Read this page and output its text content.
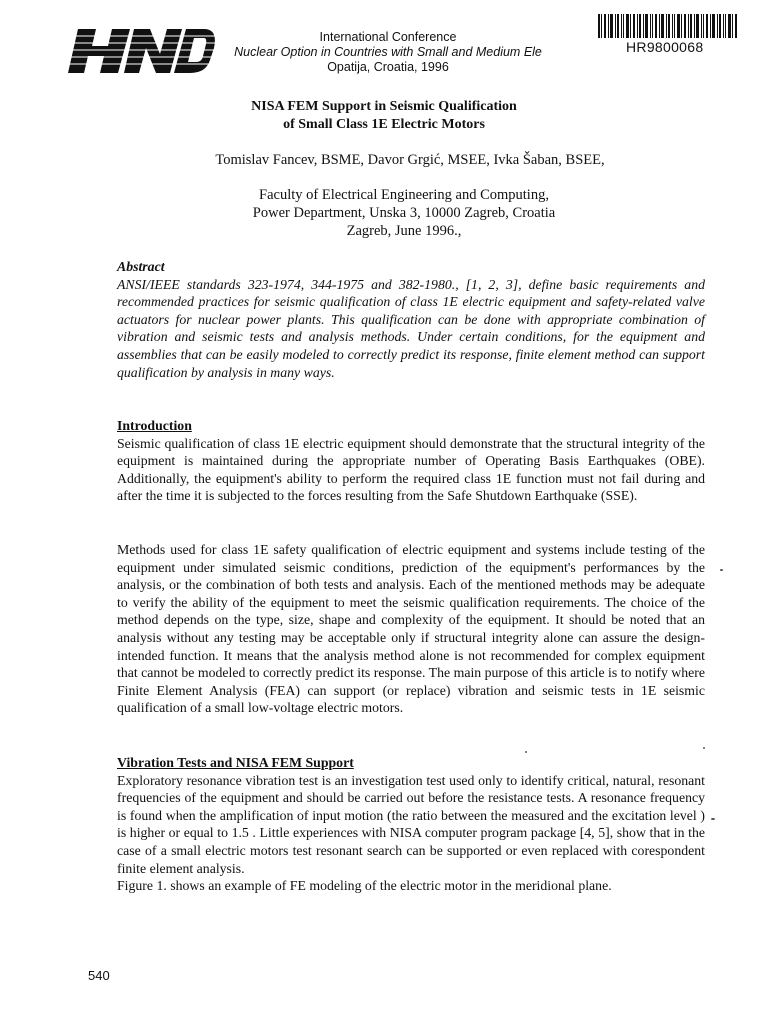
International Conference
Nuclear Option in Countries with Small and Medium Ele
Opatija, Croatia, 1996
HR9800068
NISA FEM Support in Seismic Qualification
of Small Class 1E Electric Motors
Tomislav Fancev, BSME, Davor Grgić, MSEE, Ivka Šaban, BSEE,
Faculty of Electrical Engineering and Computing,
Power Department, Unska 3, 10000 Zagreb, Croatia
Zagreb, June 1996.,
Abstract

ANSI/IEEE standards 323-1974, 344-1975 and 382-1980., [1, 2, 3], define basic requirements and recommended practices for seismic qualification of class 1E electric equipment and safety-related valve actuators for nuclear power plants. This qualification can be done with appropriate combination of vibration and seismic tests and analysis methods. Under certain conditions, for the equipment and assemblies that can be easily modeled to correctly predict its response, finite element method can support qualification by analysis in many ways.

Introduction

Seismic qualification of class 1E electric equipment should demonstrate that the structural integrity of the equipment is maintained during the appropriate number of Operating Basis Earthquakes (OBE). Additionally, the equipment's ability to perform the required class 1E function must not fail during and after the time it is subjected to the forces resulting from the Safe Shutdown Earthquake (SSE).

Methods used for class 1E safety qualification of electric equipment and systems include testing of the equipment under simulated seismic conditions, prediction of the equipment's performances by the analysis, or the combination of both tests and analysis. Each of the mentioned methods may be adequate to verify the ability of the equipment to meet the seismic qualification requirements. The choice of the method depends on the type, size, shape and complexity of the equipment. It should be noted that an analysis without any testing may be acceptable only if structural integrity alone can assure the design-intended function. It means that the analysis method alone is not recommended for complex equipment that cannot be modeled to correctly predict its response. The main purpose of this article is to notify where Finite Element Analysis (FEA) can support (or replace) vibration and seismic tests in 1E seismic qualification of a small low-voltage electric motors.

Vibration Tests and NISA FEM Support

Exploratory resonance vibration test is an investigation test used only to identify critical, natural, resonant frequencies of the equipment and should be carried out before the resistance tests. A resonance frequency is found when the amplification of input motion (the ratio between the measured and the excitation level ) is higher or equal to 1.5 . Little experiences with NISA computer program package [4, 5], show that in the case of a small electric motors test resonant search can be supported or even replaced with corespondent finite element analysis.

Figure 1. shows an example of FE modeling of the electric motor in the meridional plane.

540
